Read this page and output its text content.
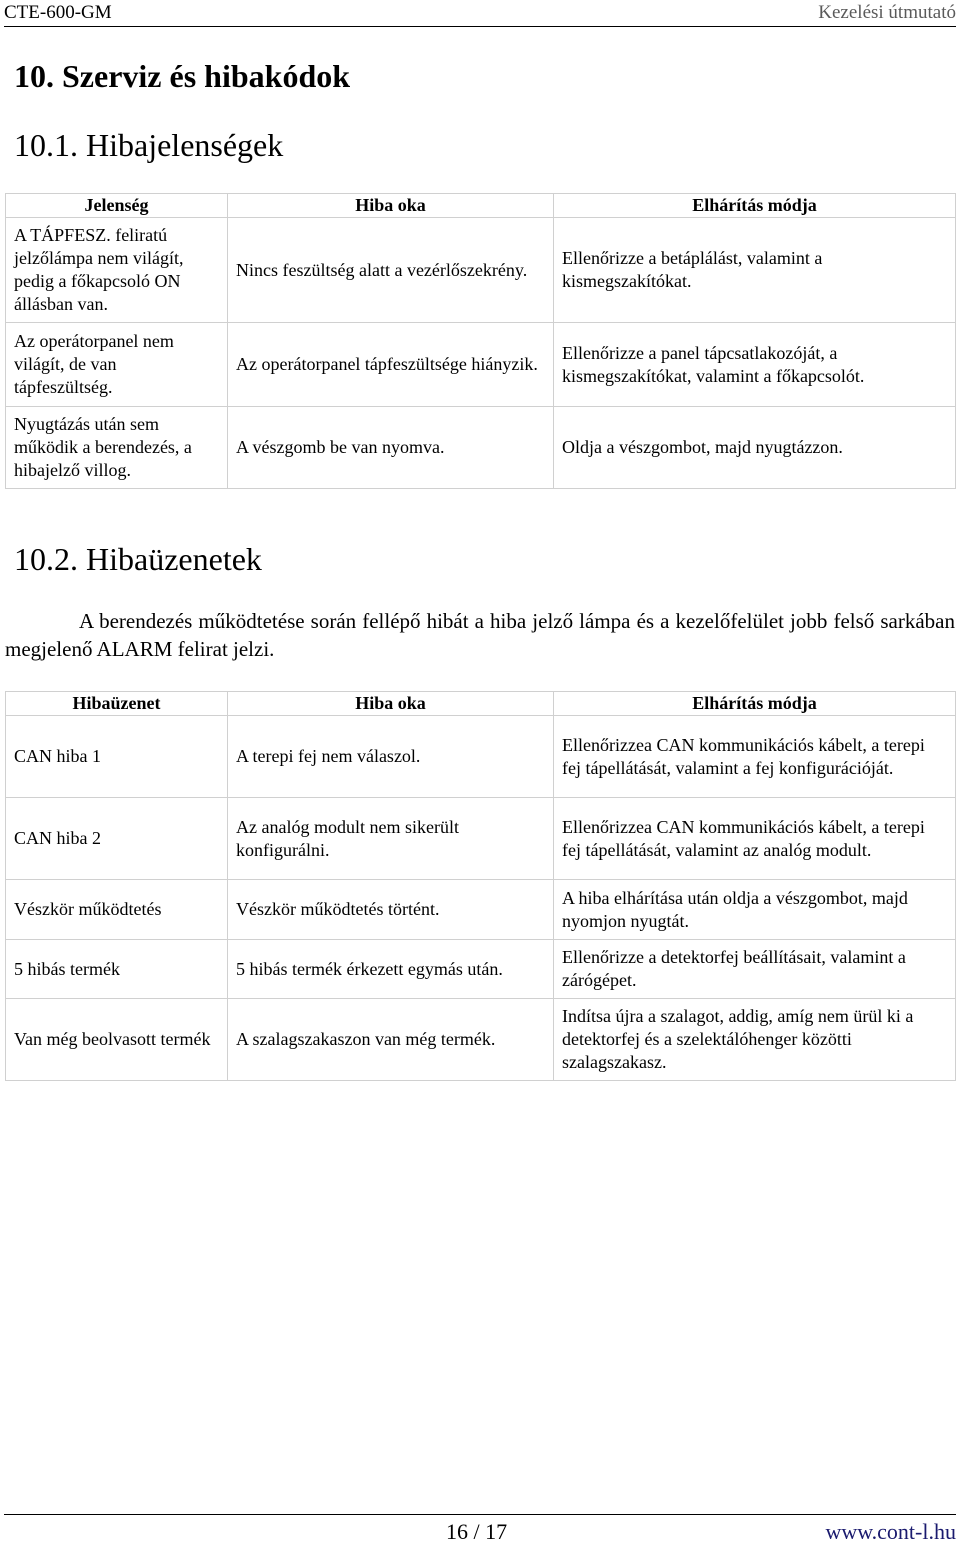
CTE-600-GM	Kezelési útmutató
10. Szerviz és hibakódok
10.1. Hibajelenségek
Jelenség	Hiba oka	Elhárítás módja
A TÁPFESZ. feliratú jelzőlámpa nem világít, pedig a főkapcsoló ON állásban van.	Nincs feszültség alatt a vezérlőszekrény.	Ellenőrizze a betáplálást, valamint a kismegszakítókat.
Az operátorpanel nem világít, de van tápfeszültség.	Az operátorpanel tápfeszültsége hiányzik.	Ellenőrizze a panel tápcsatlakozóját, a kismegszakítókat, valamint a főkapcsolót.
Nyugtázás után sem működik a berendezés, a hibajelző villog.	A vészgomb be van nyomva.	Oldja a vészgombot, majd nyugtázzon.
10.2. Hibaüzenetek

A berendezés működtetése során fellépő hibát a hiba jelző lámpa és a kezelőfelület jobb felső sarkában megjelenő ALARM felirat jelzi.

Hibaüzenet	Hiba oka	Elhárítás módja
CAN hiba 1	A terepi fej nem válaszol.	Ellenőrizzea CAN kommunikációs kábelt, a terepi fej tápellátását, valamint a fej konfigurációját.
CAN hiba 2	Az analóg modult nem sikerült konfigurálni.	Ellenőrizzea CAN kommunikációs kábelt, a terepi fej tápellátását, valamint az analóg modult.
Vészkör működtetés	Vészkör működtetés történt.	A hiba elhárítása után oldja a vészgombot, majd nyomjon nyugtát.
5 hibás termék	5 hibás termék érkezett egymás után.	Ellenőrizze a detektorfej beállításait, valamint a zárógépet.
Van még beolvasott termék	A szalagszakaszon van még termék.	Indítsa újra a szalagot, addig, amíg nem ürül ki a detektorfej és a szelektálóhenger közötti szalagszakasz.
16 / 17	www.cont-l.hu
